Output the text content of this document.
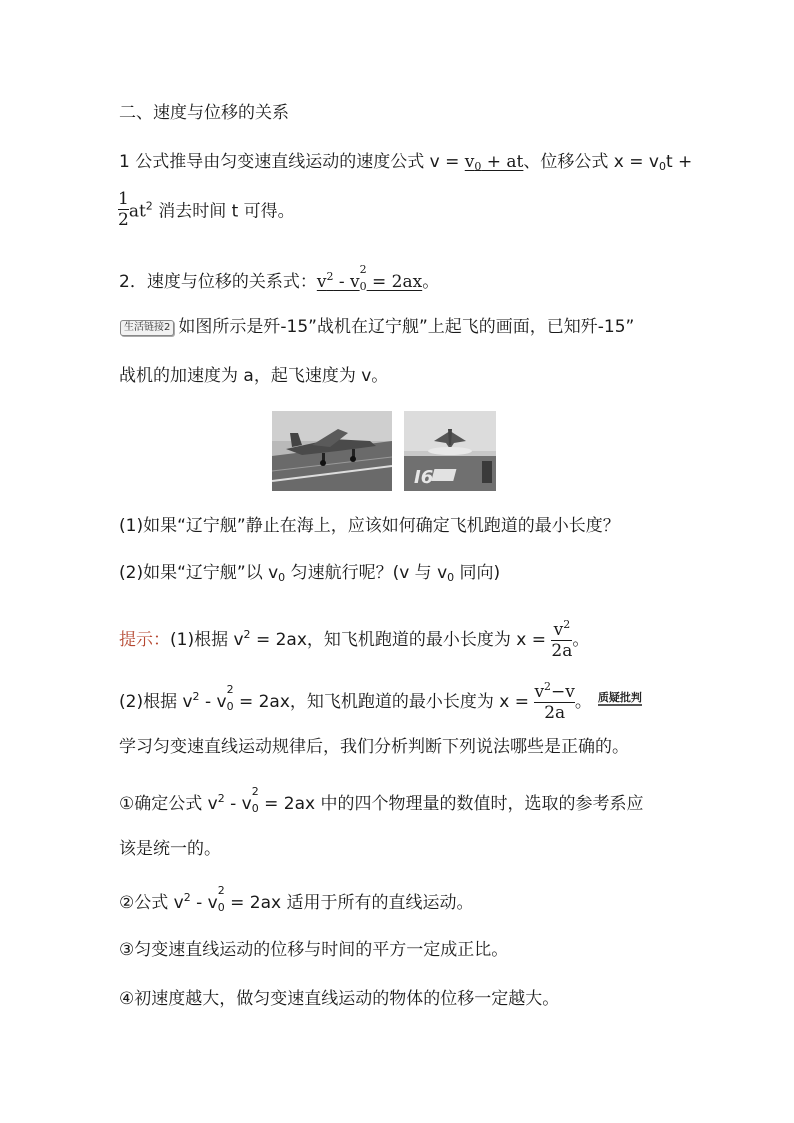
二、速度与位移的关系
1 公式推导由匀变速直线运动的速度公式 $v = v_0$ + at、位移公式 $x = v_0t$ +
$\frac{1}{2} at^2$ 消去时间 t 可得。
2．速度与位移的关系式：$v^2$ - v
2
$_0$ = 2ax。
生活链接2 如图所示是歼-15”战机在辽宁舰”上起飞的画面，已知歼-15”
战机的加速度为 a，起飞速度为 v。
I6
(1)如果“辽宁舰”静止在海上，应该如何确定飞机跑道的最小长度？
(2)如果“辽宁舰”以 $v_0$ 匀速航行呢？(v 与 $v_0$ 同向)
提示：(1)根据 $v^2 = 2ax$，知飞机跑道的最小长度为 $x = \frac{v^2}{2a}$ 。
(2)根据 $v^2$ - v
2
$_0$ = 2ax，知飞机跑道的最小长度为 $x = \frac{v^2-v}{2a}$ 。 质疑批判
学习匀变速直线运动规律后，我们分析判断下列说法哪些是正确的。
①确定公式 $v^2$ - v
2
$_0$ = 2ax 中的四个物理量的数值时，选取的参考系应
该是统一的。
②公式 $v^2$ - v
2
$_0$ = 2ax 适用于所有的直线运动。
③匀变速直线运动的位移与时间的平方一定成正比。
④初速度越大，做匀变速直线运动的物体的位移一定越大。
